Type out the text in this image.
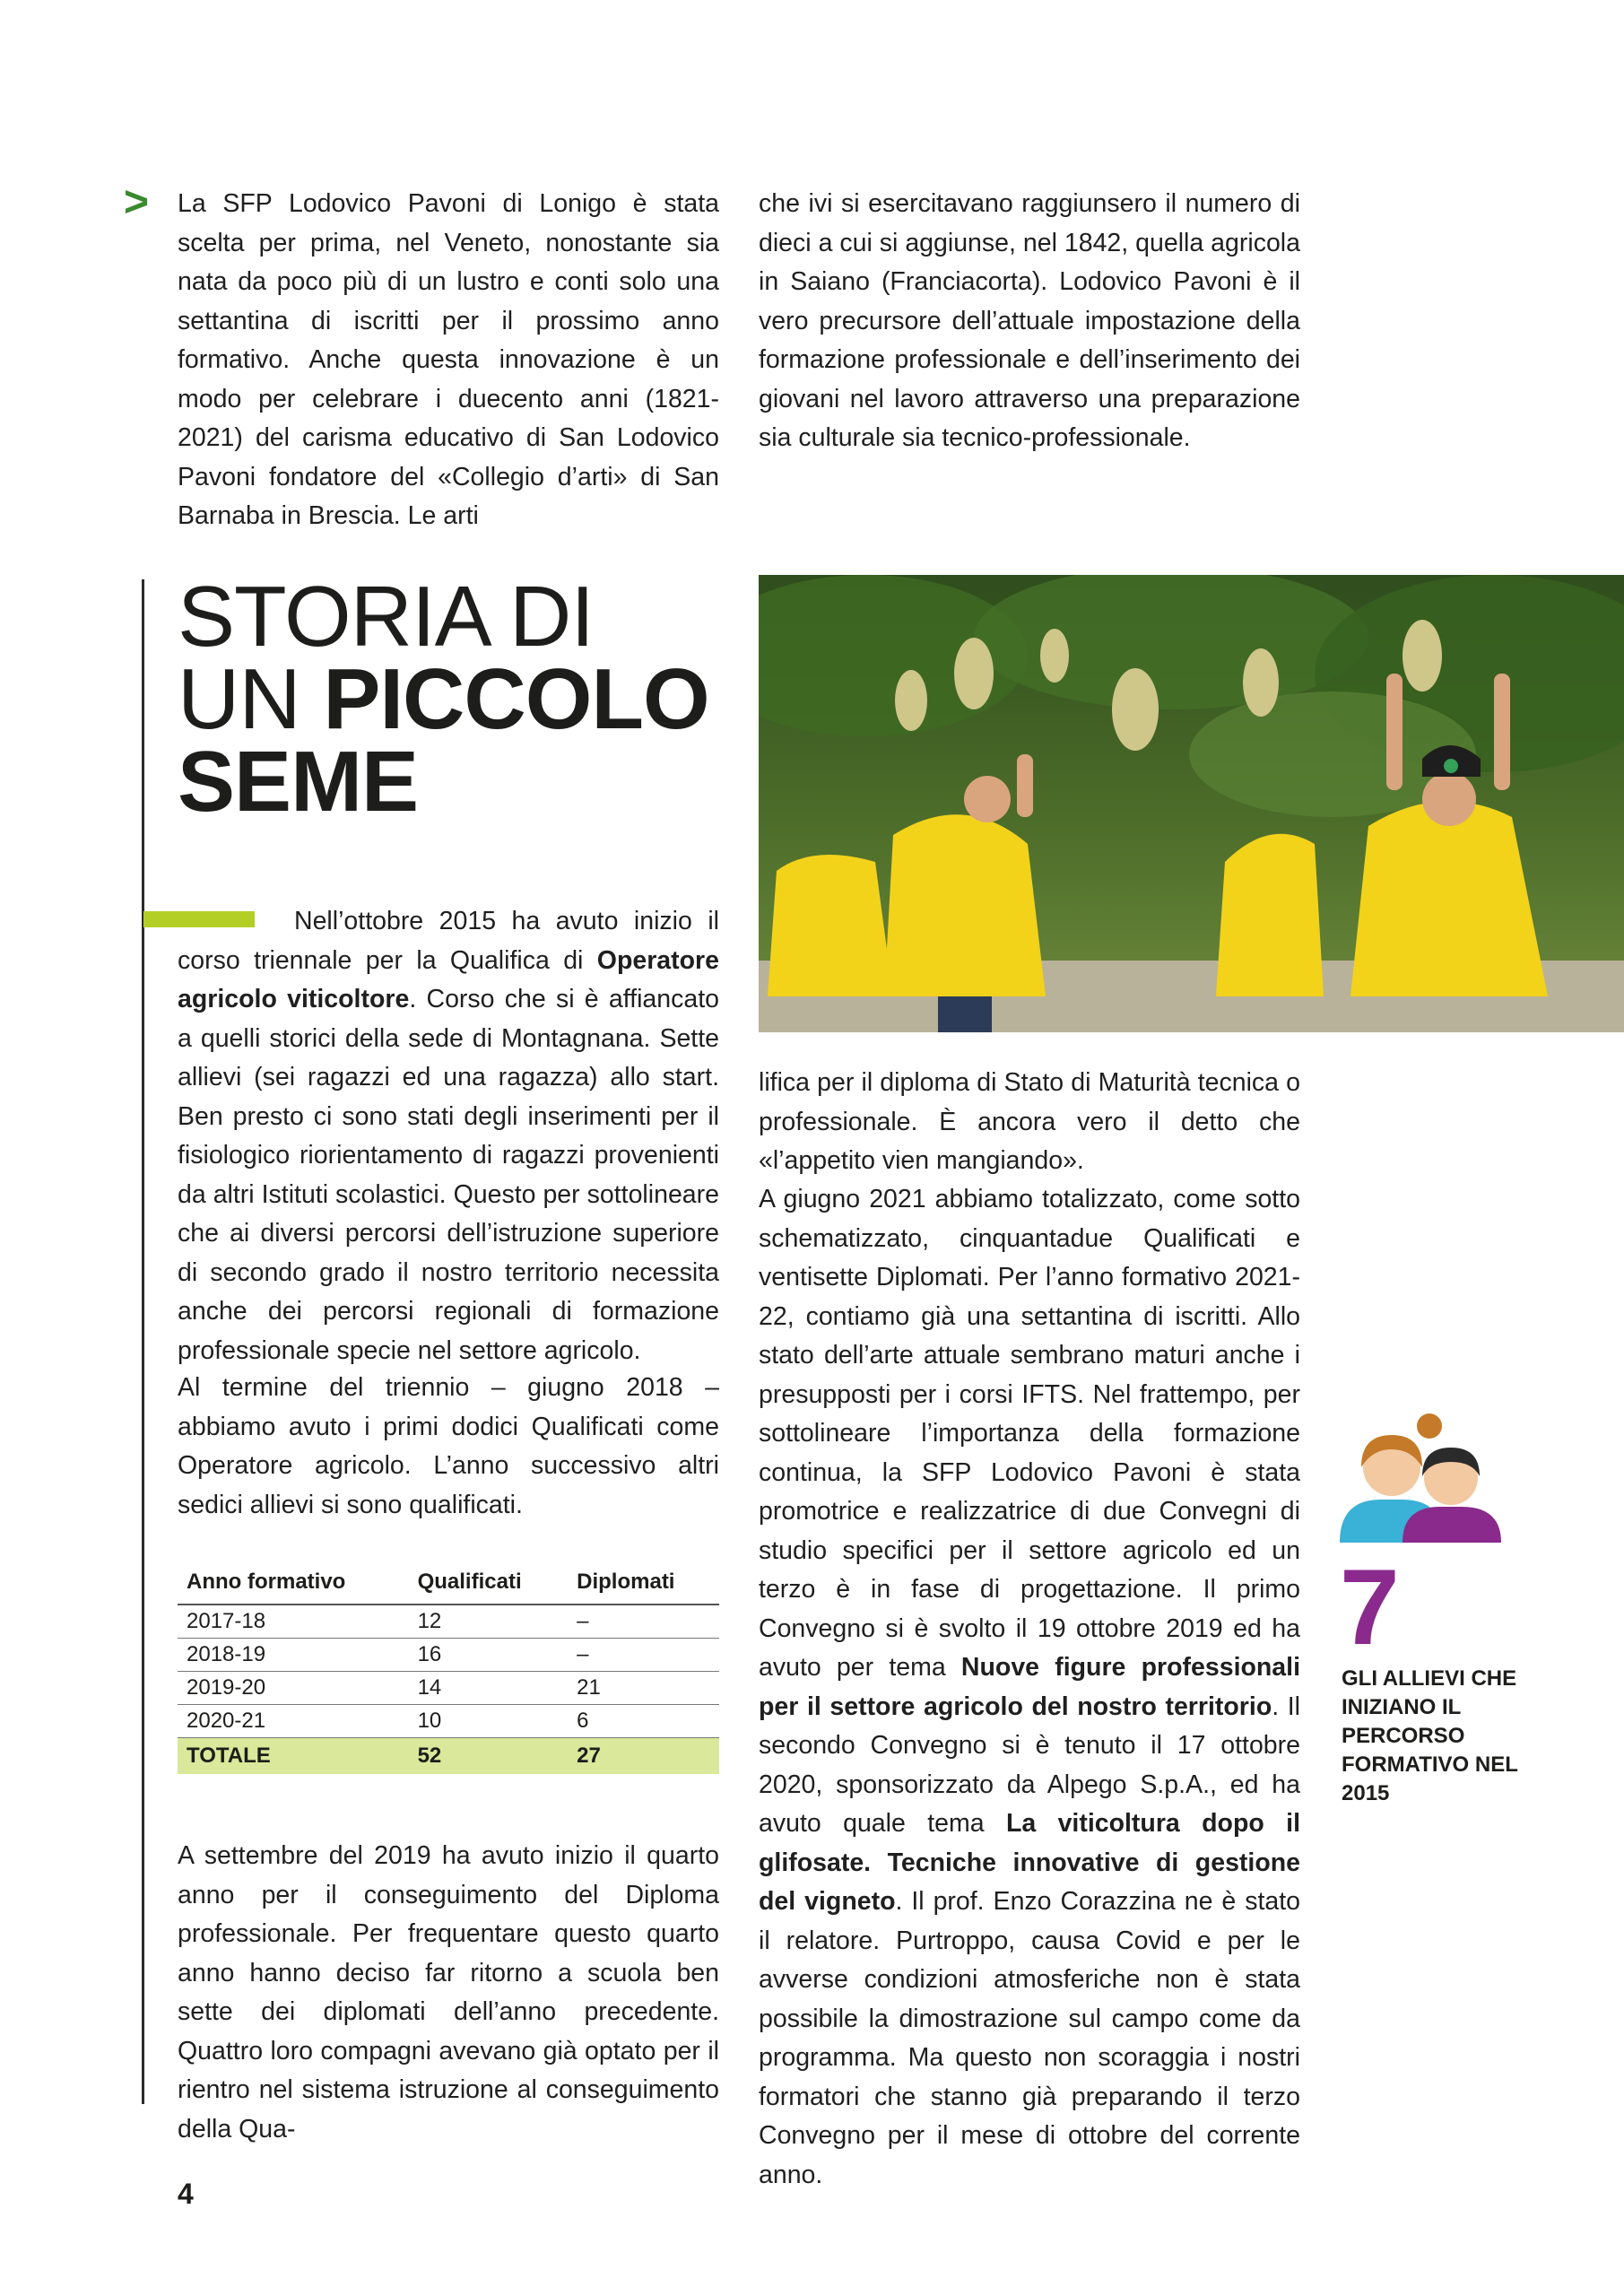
> La SFP Lodovico Pavoni di Lonigo è stata scelta per prima, nel Veneto, nonostante sia nata da poco più di un lustro e conti solo una settantina di iscritti per il prossimo anno formativo. Anche questa innovazione è un modo per celebrare i duecento anni (1821-2021) del carisma educativo di San Lodovico Pavoni fondatore del «Collegio d’arti» di San Barnaba in Brescia. Le arti

che ivi si esercitavano raggiunsero il numero di dieci a cui si aggiunse, nel 1842, quella agricola in Saiano (Franciacorta). Lodovico Pavoni è il vero precursore dell’attuale impostazione della formazione professionale e dell’inserimento dei giovani nel lavoro attraverso una preparazione sia culturale sia tecnico-professionale.

STORIA DI
UN PICCOLO
SEME

Nell’ottobre 2015 ha avuto inizio il corso triennale per la Qualifica di Operatore agricolo viticoltore. Corso che si è affiancato a quelli storici della sede di Montagnana. Sette allievi (sei ragazzi ed una ragazza) allo start. Ben presto ci sono stati degli inserimenti per il fisiologico riorientamento di ragazzi provenienti da altri Istituti scolastici. Questo per sottolineare che ai diversi percorsi dell’istruzione superiore di secondo grado il nostro territorio necessita anche dei percorsi regionali di formazione professionale specie nel settore agricolo.

Al termine del triennio – giugno 2018 – abbiamo avuto i primi dodici Qualificati come Operatore agricolo. L’anno successivo altri sedici allievi si sono qualificati.

Anno formativo	Qualificati	Diplomati
2017-18	12	–
2018-19	16	–
2019-20	14	21
2020-21	10	6
TOTALE	52	27

A settembre del 2019 ha avuto inizio il quarto anno per il conseguimento del Diploma professionale. Per frequentare questo quarto anno hanno deciso far ritorno a scuola ben sette dei diplomati dell’anno precedente. Quattro loro compagni avevano già optato per il rientro nel sistema istruzione al conseguimento della Qua-

lifica per il diploma di Stato di Maturità tecnica o professionale. È ancora vero il detto che «l’appetito vien mangiando».

A giugno 2021 abbiamo totalizzato, come sotto schematizzato, cinquantadue Qualificati e ventisette Diplomati. Per l’anno formativo 2021-22, contiamo già una settantina di iscritti. Allo stato dell’arte attuale sembrano maturi anche i presupposti per i corsi IFTS. Nel frattempo, per sottolineare l’importanza della formazione continua, la SFP Lodovico Pavoni è stata promotrice e realizzatrice di due Convegni di studio specifici per il settore agricolo ed un terzo è in fase di progettazione. Il primo Convegno si è svolto il 19 ottobre 2019 ed ha avuto per tema Nuove figure professionali per il settore agricolo del nostro territorio. Il secondo Convegno si è tenuto il 17 ottobre 2020, sponsorizzato da Alpego S.p.A., ed ha avuto quale tema La viticoltura dopo il glifosate. Tecniche innovative di gestione del vigneto. Il prof. Enzo Corazzina ne è stato il relatore. Purtroppo, causa Covid e per le avverse condizioni atmosferiche non è stata possibile la dimostrazione sul campo come da programma. Ma questo non scoraggia i nostri formatori che stanno già preparando il terzo Convegno per il mese di ottobre del corrente anno.

7
GLI ALLIEVI CHE INIZIANO IL PERCORSO FORMATIVO NEL 2015
4
